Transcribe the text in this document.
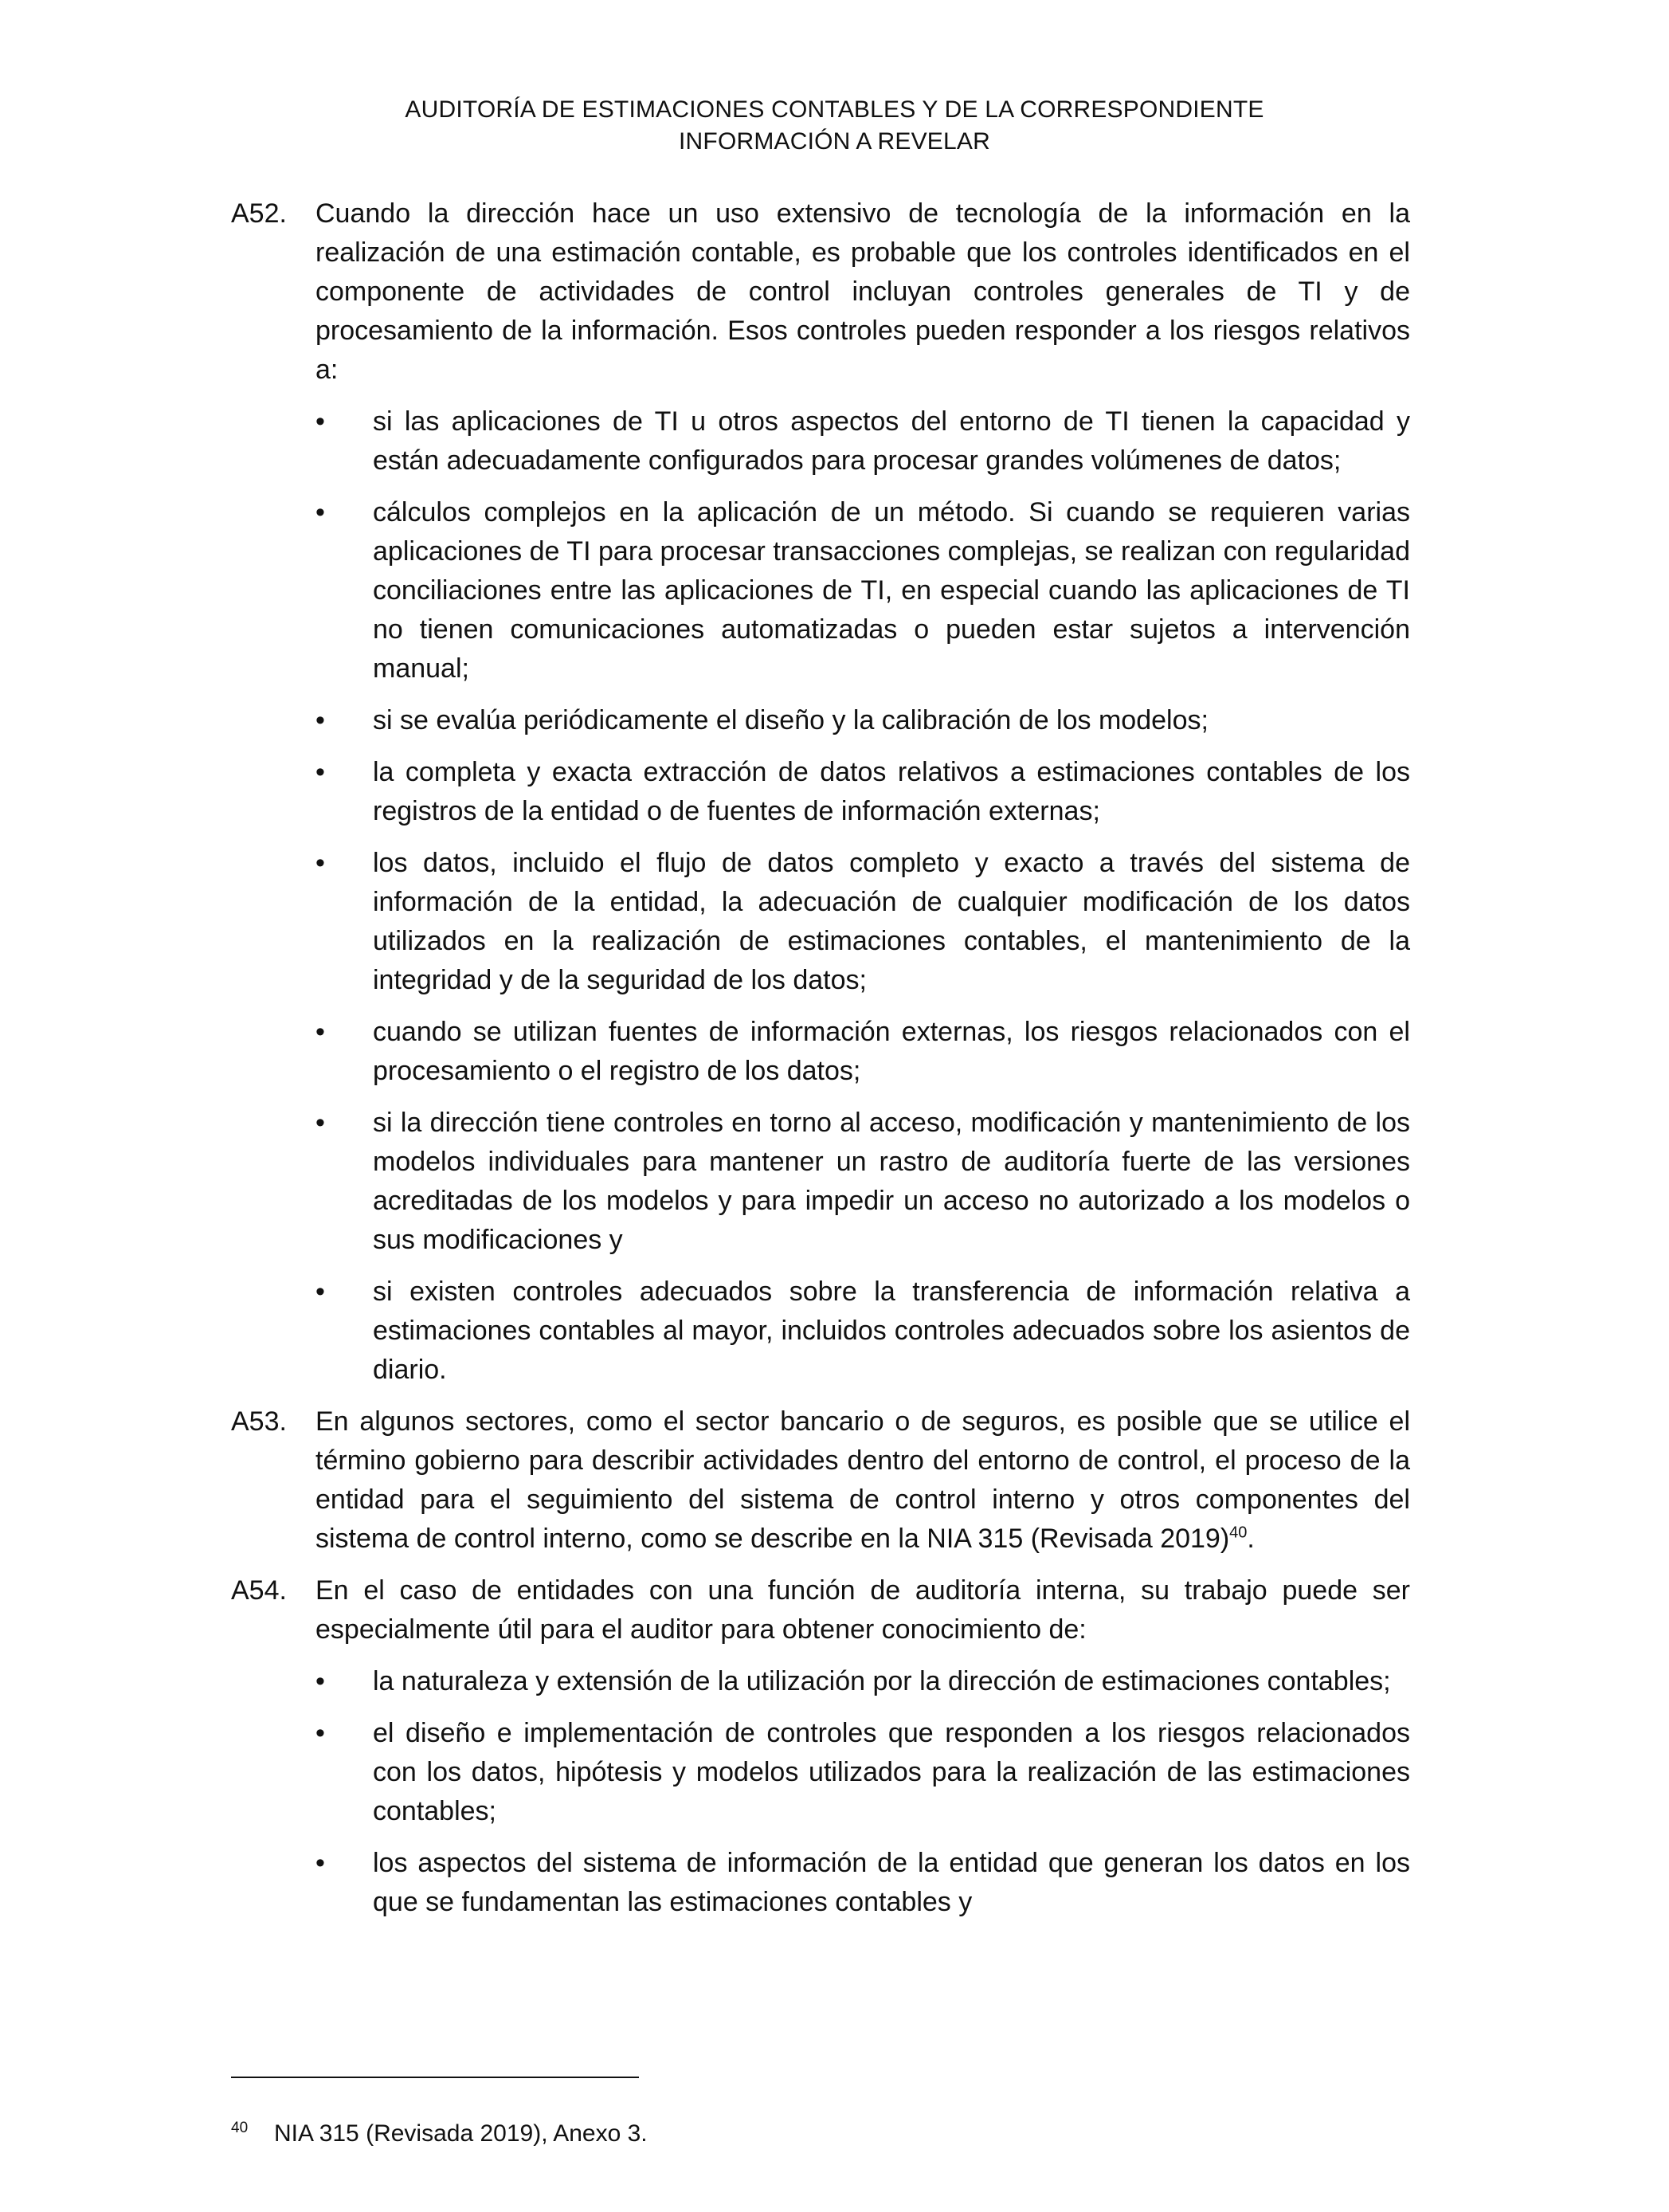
AUDITORÍA DE ESTIMACIONES CONTABLES Y DE LA CORRESPONDIENTE
INFORMACIÓN A REVELAR

A52. Cuando la dirección hace un uso extensivo de tecnología de la información en la realización de una estimación contable, es probable que los controles identificados en el componente de actividades de control incluyan controles generales de TI y de procesamiento de la información. Esos controles pueden responder a los riesgos relativos a:

• si las aplicaciones de TI u otros aspectos del entorno de TI tienen la capacidad y están adecuadamente configurados para procesar grandes volúmenes de datos;
• cálculos complejos en la aplicación de un método. Si cuando se requieren varias aplicaciones de TI para procesar transacciones complejas, se realizan con regularidad conciliaciones entre las aplicaciones de TI, en especial cuando las aplicaciones de TI no tienen comunicaciones automatizadas o pueden estar sujetos a intervención manual;
• si se evalúa periódicamente el diseño y la calibración de los modelos;
• la completa y exacta extracción de datos relativos a estimaciones contables de los registros de la entidad o de fuentes de información externas;
• los datos, incluido el flujo de datos completo y exacto a través del sistema de información de la entidad, la adecuación de cualquier modificación de los datos utilizados en la realización de estimaciones contables, el mantenimiento de la integridad y de la seguridad de los datos;
• cuando se utilizan fuentes de información externas, los riesgos relacionados con el procesamiento o el registro de los datos;
• si la dirección tiene controles en torno al acceso, modificación y mantenimiento de los modelos individuales para mantener un rastro de auditoría fuerte de las versiones acreditadas de los modelos y para impedir un acceso no autorizado a los modelos o sus modificaciones y
• si existen controles adecuados sobre la transferencia de información relativa a estimaciones contables al mayor, incluidos controles adecuados sobre los asientos de diario.

A53. En algunos sectores, como el sector bancario o de seguros, es posible que se utilice el término gobierno para describir actividades dentro del entorno de control, el proceso de la entidad para el seguimiento del sistema de control interno y otros componentes del sistema de control interno, como se describe en la NIA 315 (Revisada 2019)$^{40}$.

A54. En el caso de entidades con una función de auditoría interna, su trabajo puede ser especialmente útil para el auditor para obtener conocimiento de:

• la naturaleza y extensión de la utilización por la dirección de estimaciones contables;
• el diseño e implementación de controles que responden a los riesgos relacionados con los datos, hipótesis y modelos utilizados para la realización de las estimaciones contables;
• los aspectos del sistema de información de la entidad que generan los datos en los que se fundamentan las estimaciones contables y
40 NIA 315 (Revisada 2019), Anexo 3.
